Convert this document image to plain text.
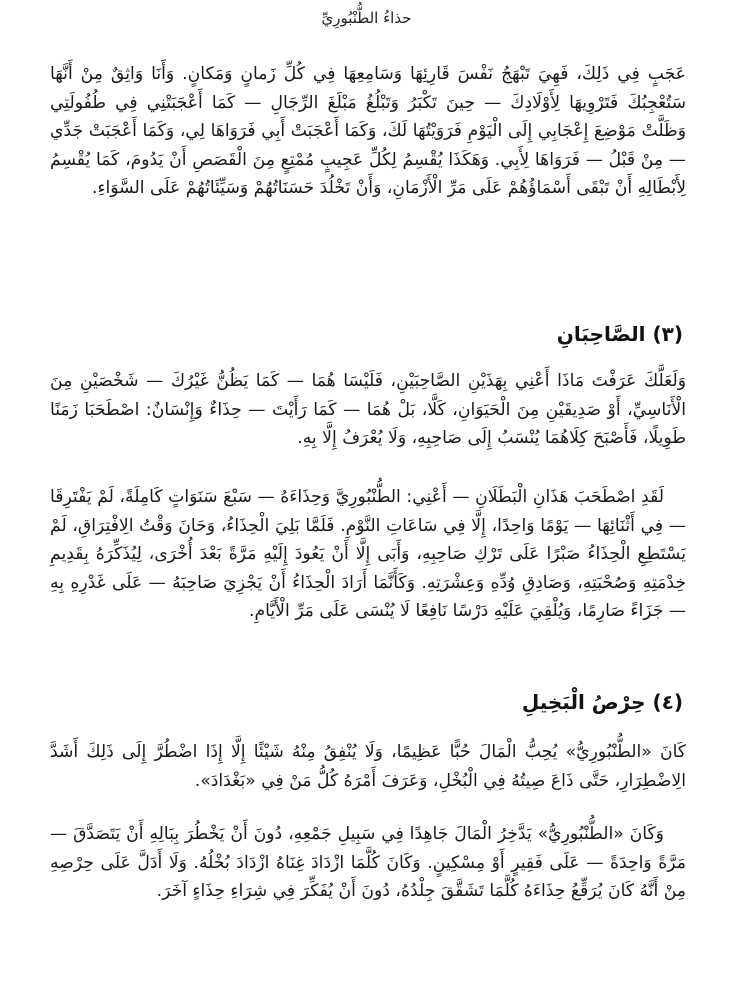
حذاءُ الطُّنْبُورِيِّ

عَجَبٍ فِي ذَلِكَ، فَهِيَ تَبْهَجُ نَفْسَ قَارِئِهَا وَسَامِعِهَا فِي كُلِّ زَمانٍ وَمَكانٍ. وَأَنَا وَاثِقٌ مِنْ أَنَّهَا سَتُعْجِبُكَ فَتَرْوِيهَا لِأَوْلَادِكَ — حِينَ تَكْبَرُ وَتَبْلُغُ مَبْلَغَ الرِّجَالِ — كَمَا أَعْجَبَتْنِي فِي طُفُولَتِي وَظَلَّتْ مَوْضِعَ إِعْجَابِي إِلَى الْيَوْمِ فَرَوَيْتُهَا لَكَ، وَكَمَا أَعْجَبَتْ أَبِي فَرَوَاهَا لِي، وَكَمَا أَعْجَبَتْ جَدِّي — مِنْ قَبْلُ — فَرَوَاهَا لِأَبِي. وَهَكَذَا يُقْسِمُ لِكُلِّ عَجِيبٍ مُمْتِعٍ مِنَ الْقَصَصِ أَنْ يَدُومَ، كَمَا يُقْسِمُ لِأَبْطَالِهِ أَنْ تَبْقَى أَسْمَاؤُهُمْ عَلَى مَرِّ الْأَزْمَانِ، وَأَنْ تَخْلُدَ حَسَنَاتُهُمْ وَسَيِّئَاتُهُمْ عَلَى السَّوَاءِ.

(٣) الصَّاحِبَانِ

وَلَعَلَّكَ عَرَفْتَ مَاذَا أَعْنِي بِهَذَيْنِ الصَّاحِبَيْنِ، فَلَيْسَا هُمَا — كَمَا يَظُنُّ غَيْرُكَ — شَخْصَيْنِ مِنَ الْأَنَاسِيِّ، أَوْ صَدِيقَيْنِ مِنَ الْحَيَوَانِ، كَلَّا، بَلْ هُمَا — كَمَا رَأَيْتَ — حِذَاءٌ وَإِنْسَانٌ: اصْطَحَبَا زَمَنًا طَوِيلًا، فَأَصْبَحَ كِلَاهُمَا يُنْسَبُ إِلَى صَاحِبِهِ، وَلَا يُعْرَفُ إِلَّا بِهِ.

لَقَدِ اصْطَحَبَ هَذَانِ الْبَطَلَانِ — أَعْنِي: الطُّنْبُورِيَّ وَحِذَاءَهُ — سَبْعَ سَنَوَاتٍ كَامِلَةً، لَمْ يَفْتَرِقَا — فِي أَثْنَائِهَا — يَوْمًا وَاحِدًا، إِلَّا فِي سَاعَاتِ النَّوْمِ. فَلَمَّا بَلِيَ الْحِذَاءُ، وَحَانَ وَقْتُ الِافْتِرَاقِ، لَمْ يَسْتَطِعِ الْحِذَاءُ صَبْرًا عَلَى تَرْكِ صَاحِبِهِ، وَأَبَى إِلَّا أَنْ يَعُودَ إِلَيْهِ مَرَّةً بَعْدَ أُخْرَى، لِيُذَكِّرَهُ بِقَدِيمِ خِدْمَتِهِ وَصُحْبَتِهِ، وَصَادِقِ وُدِّهِ وَعِشْرَتِهِ. وَكَأَنَّمَا أَرَادَ الْحِذَاءُ أَنْ يَجْزِيَ صَاحِبَهُ — عَلَى غَدْرِهِ بِهِ — جَزَاءً صَارِمًا، وَيُلْقِيَ عَلَيْهِ دَرْسًا نَافِعًا لَا يُنْسَى عَلَى مَرِّ الْأَيَّامِ.

(٤) حِرْصُ الْبَخِيلِ

كَانَ «الطُّنْبُورِيُّ» يُحِبُّ الْمَالَ حُبًّا عَظِيمًا، وَلَا يُنْفِقُ مِنْهُ شَيْئًا إِلَّا إِذَا اضْطُرَّ إِلَى ذَلِكَ أَشَدَّ الِاضْطِرَارِ، حَتَّى ذَاعَ صِيتُهُ فِي الْبُخْلِ، وَعَرَفَ أَمْرَهُ كُلُّ مَنْ فِي «بَغْدَادَ».

وَكَانَ «الطُّنْبُورِيُّ» يَدَّخِرُ الْمَالَ جَاهِدًا فِي سَبِيلِ جَمْعِهِ، دُونَ أَنْ يَخْطُرَ بِبَالِهِ أَنْ يَتَصَدَّقَ — مَرَّةً وَاحِدَةً — عَلَى فَقِيرٍ أَوْ مِسْكِينٍ. وَكَانَ كُلَّمَا ازْدَادَ غِنَاهُ ازْدَادَ بُخْلُهُ. وَلَا أَدَلَّ عَلَى حِرْصِهِ مِنْ أَنَّهُ كَانَ يُرَقِّعُ حِذَاءَهُ كُلَّمَا تَشَقَّقَ جِلْدُهُ، دُونَ أَنْ يُفَكِّرَ فِي شِرَاءِ حِذَاءٍ آخَرَ.
